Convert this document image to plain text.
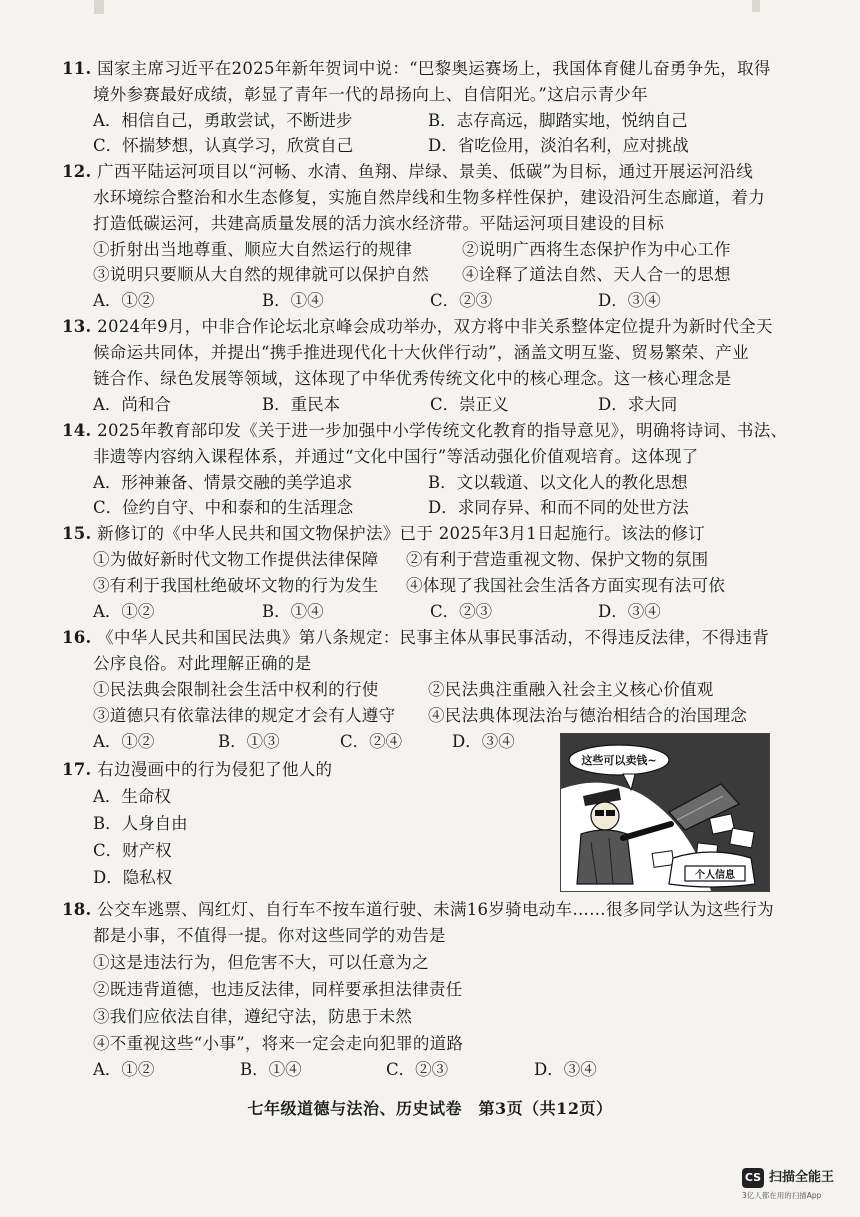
11. 国家主席习近平在2025年新年贺词中说：“巴黎奥运赛场上，我国体育健儿奋勇争先，取得
境外参赛最好成绩，彰显了青年一代的昂扬向上、自信阳光。”这启示青少年
A．相信自己，勇敢尝试，不断进步	B．志存高远，脚踏实地，悦纳自己
C．怀揣梦想，认真学习，欣赏自己	D．省吃俭用，淡泊名利，应对挑战
12. 广西平陆运河项目以“河畅、水清、鱼翔、岸绿、景美、低碳”为目标，通过开展运河沿线
水环境综合整治和水生态修复，实施自然岸线和生物多样性保护，建设沿河生态廊道，着力
打造低碳运河，共建高质量发展的活力滨水经济带。平陆运河项目建设的目标
①折射出当地尊重、顺应大自然运行的规律	②说明广西将生态保护作为中心工作
③说明只要顺从大自然的规律就可以保护自然 ④诠释了道法自然、天人合一的思想
A．①②	B．①④	C．②③	D．③④
13. 2024年9月，中非合作论坛北京峰会成功举办，双方将中非关系整体定位提升为新时代全天
候命运共同体，并提出“携手推进现代化十大伙伴行动”，涵盖文明互鉴、贸易繁荣、产业
链合作、绿色发展等领域，这体现了中华优秀传统文化中的核心理念。这一核心理念是
A．尚和合	B．重民本	C．崇正义	D．求大同
14. 2025年教育部印发《关于进一步加强中小学传统文化教育的指导意见》，明确将诗词、书法、
非遗等内容纳入课程体系，并通过“文化中国行”等活动强化价值观培育。这体现了
A．形神兼备、情景交融的美学追求	B．文以载道、以文化人的教化思想
C．俭约自守、中和泰和的生活理念	D．求同存异、和而不同的处世方法
15. 新修订的《中华人民共和国文物保护法》已于 2025年3月1日起施行。该法的修订
①为做好新时代文物工作提供法律保障 ②有利于营造重视文物、保护文物的氛围
③有利于我国杜绝破坏文物的行为发生 ④体现了我国社会生活各方面实现有法可依
A．①②	B．①④	C．②③	D．③④
16. 《中华人民共和国民法典》第八条规定：民事主体从事民事活动，不得违反法律，不得违背
公序良俗。对此理解正确的是
①民法典会限制社会生活中权利的行使	②民法典注重融入社会主义核心价值观
③道德只有依靠法律的规定才会有人遵守 ④民法典体现法治与德治相结合的治国理念
A．①②	B．①③	C．②④	D．③④
17. 右边漫画中的行为侵犯了他人的
A．生命权
B．人身自由
C．财产权
D．隐私权
这些可以卖钱~
个人信息
18. 公交车逃票、闯红灯、自行车不按车道行驶、未满16岁骑电动车……很多同学认为这些行为
都是小事，不值得一提。你对这些同学的劝告是
①这是违法行为，但危害不大，可以任意为之
②既违背道德，也违反法律，同样要承担法律责任
③我们应依法自律，遵纪守法，防患于未然
④不重视这些“小事”，将来一定会走向犯罪的道路
A．①②	B．①④	C．②③	D．③④
七年级道德与法治、历史试卷　第3页（共12页）
CS 扫描全能王
3亿人都在用的扫描App
